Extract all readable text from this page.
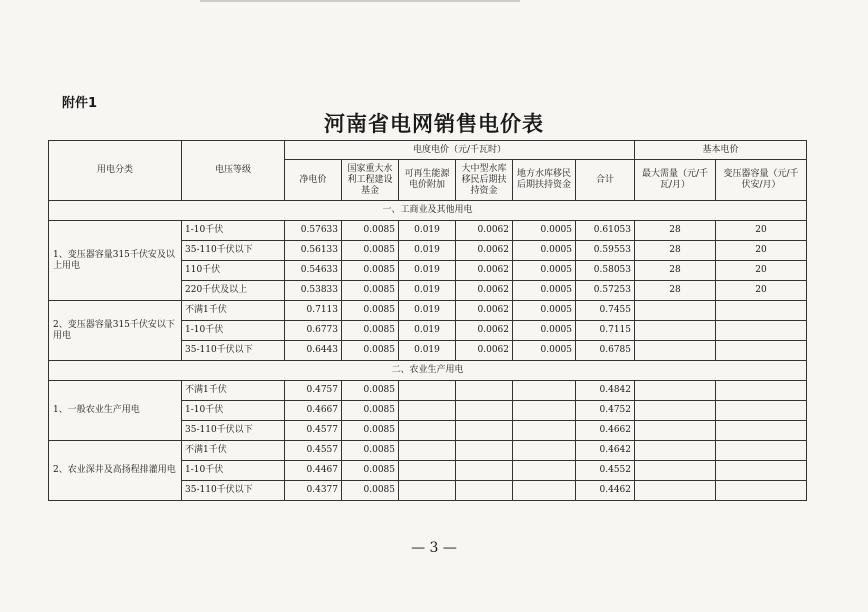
附件1
河南省电网销售电价表
用电分类	电压等级	电度电价（元/千瓦时）						基本电价	
		净电价	国家重大水利工程建设基金	可再生能源电价附加	大中型水库移民后期扶持资金	地方水库移民后期扶持资金	合计	最大需量（元/千瓦/月）	变压器容量（元/千伏安/月）
一、工商业及其他用电									
1、变压器容量315千伏安及以上用电	1-10千伏	0.57633	0.0085	0.019	0.0062	0.0005	0.61053	28	20
	35-110千伏以下	0.56133	0.0085	0.019	0.0062	0.0005	0.59553	28	20
	110千伏	0.54633	0.0085	0.019	0.0062	0.0005	0.58053	28	20
	220千伏及以上	0.53833	0.0085	0.019	0.0062	0.0005	0.57253	28	20
2、变压器容量315千伏安以下用电	不满1千伏	0.7113	0.0085	0.019	0.0062	0.0005	0.7455		
	1-10千伏	0.6773	0.0085	0.019	0.0062	0.0005	0.7115		
	35-110千伏以下	0.6443	0.0085	0.019	0.0062	0.0005	0.6785		
二、农业生产用电									
1、一般农业生产用电	不满1千伏	0.4757	0.0085				0.4842		
	1-10千伏	0.4667	0.0085				0.4752		
	35-110千伏以下	0.4577	0.0085				0.4662		
2、农业深井及高扬程排灌用电	不满1千伏	0.4557	0.0085				0.4642		
	1-10千伏	0.4467	0.0085				0.4552		
	35-110千伏以下	0.4377	0.0085				0.4462		
— 3 —
